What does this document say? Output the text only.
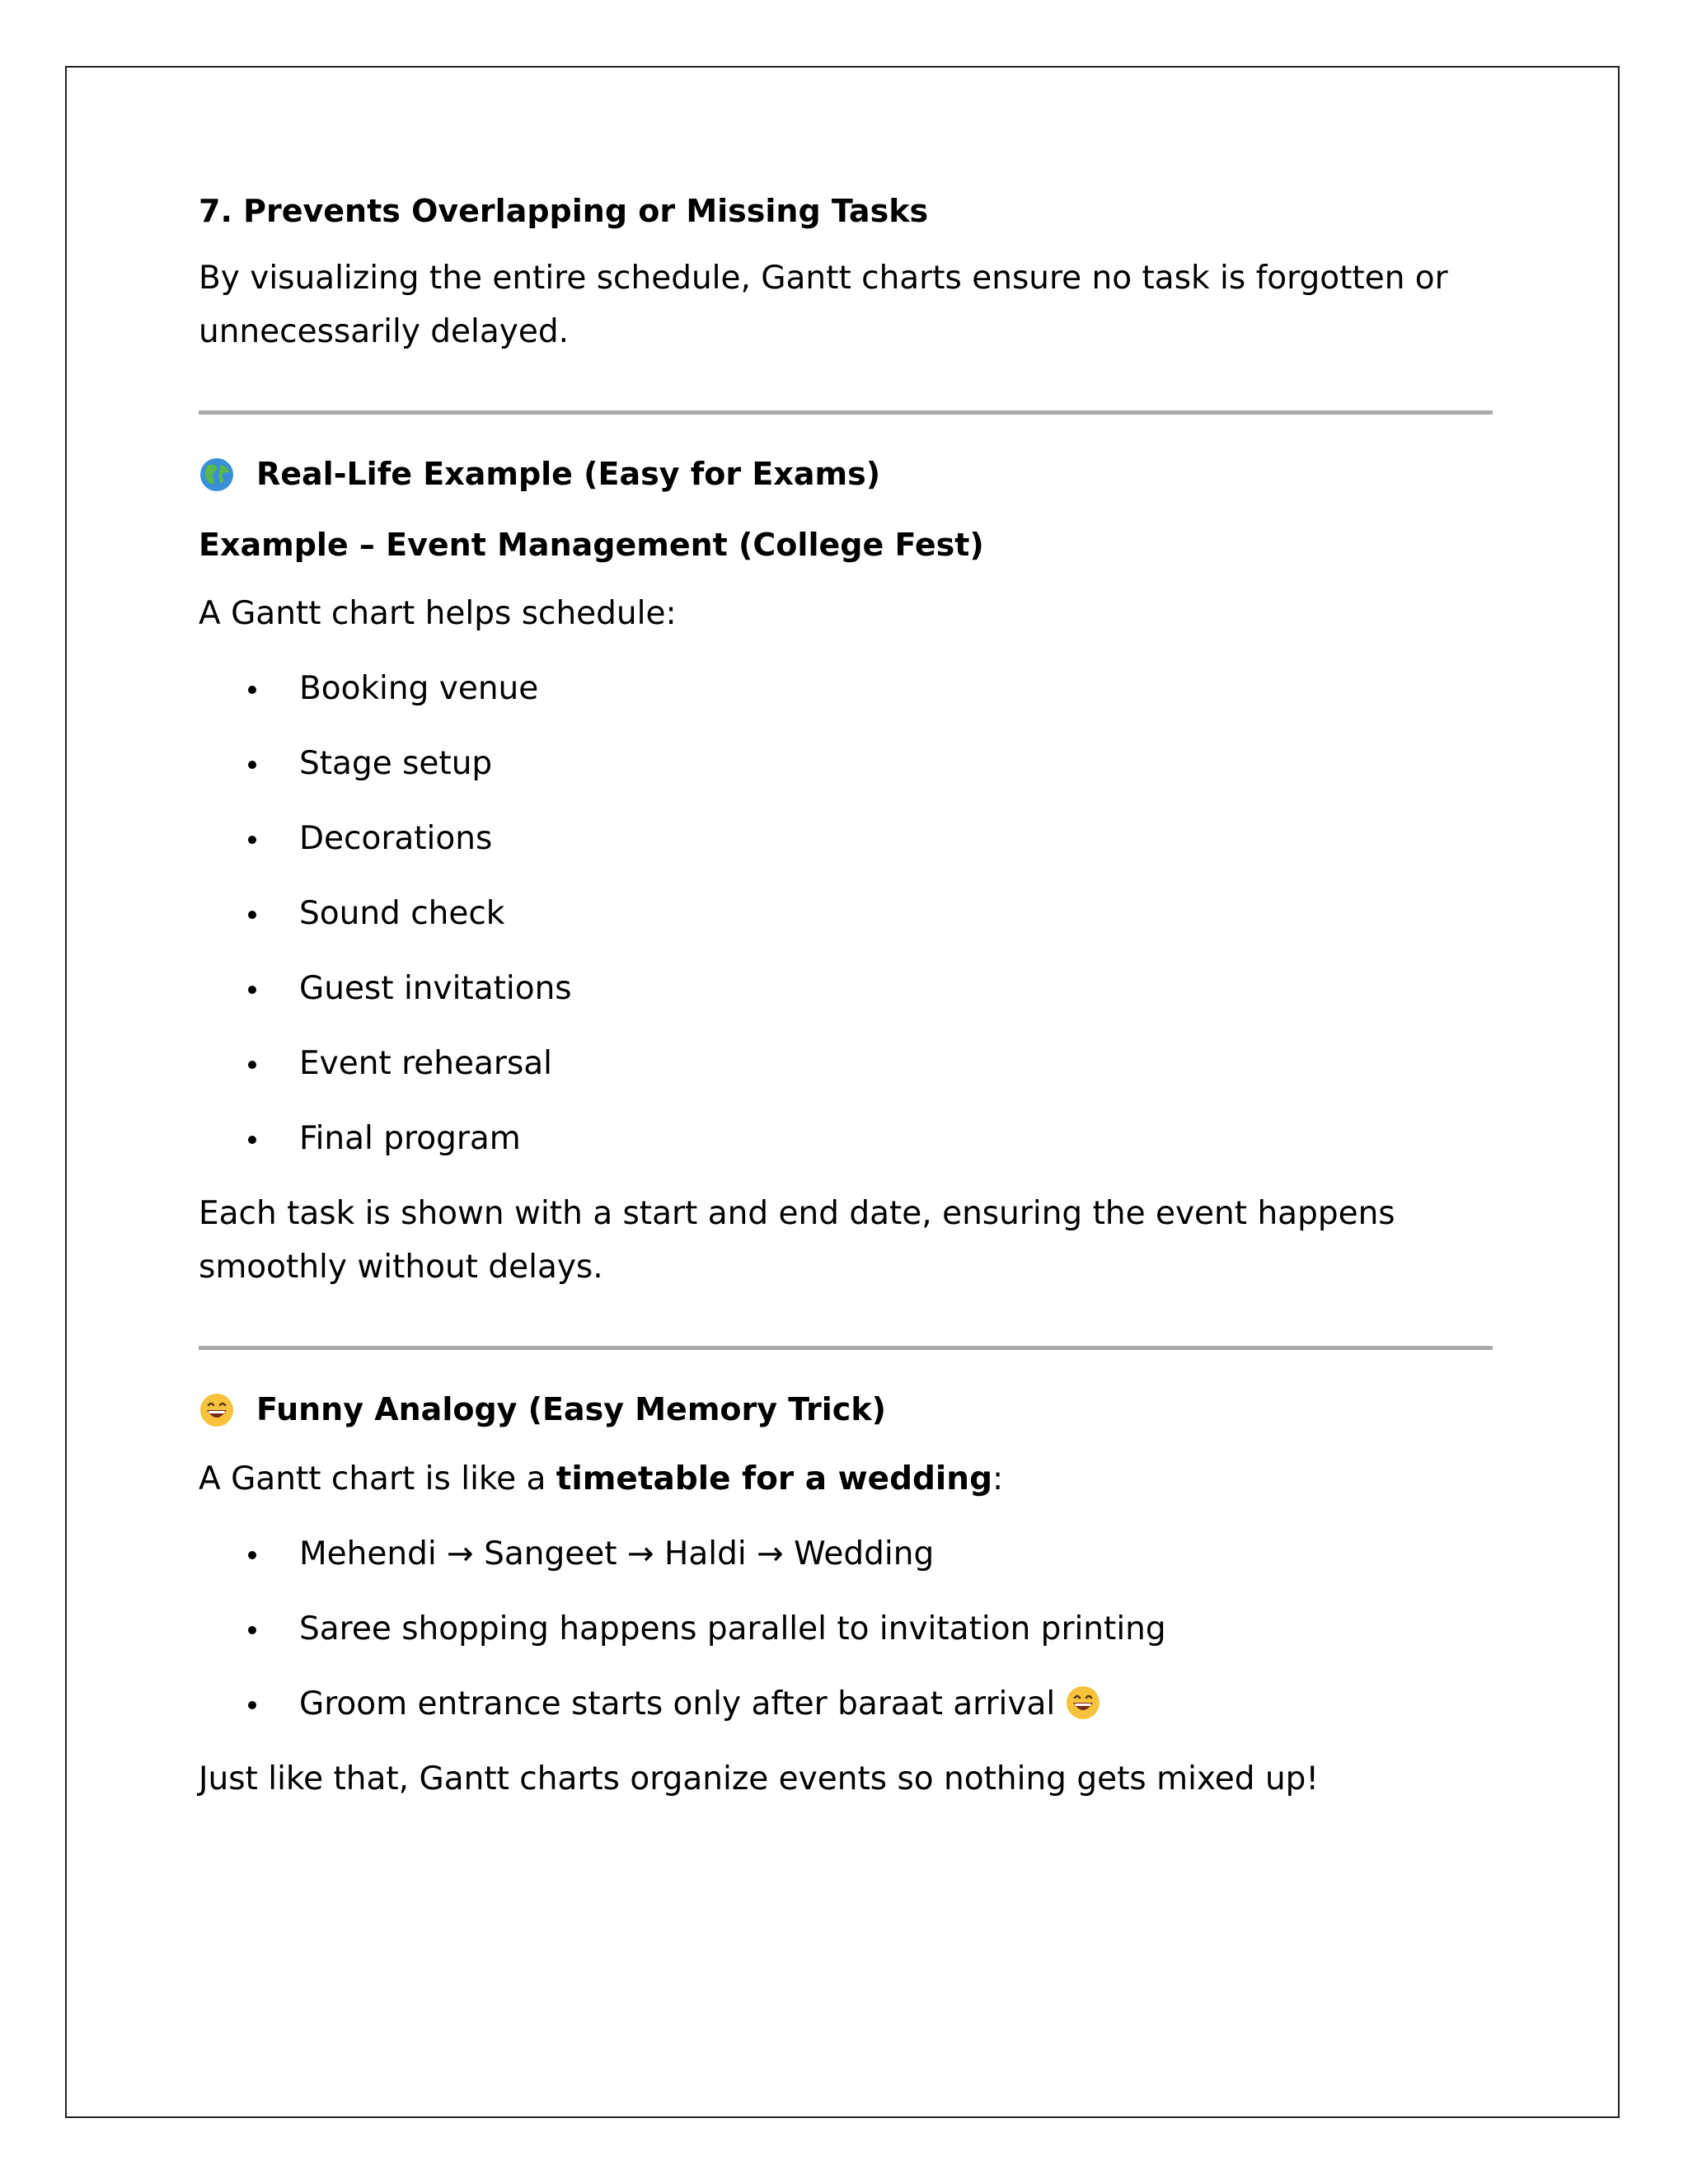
7. Prevents Overlapping or Missing Tasks

By visualizing the entire schedule, Gantt charts ensure no task is forgotten or unnecessarily delayed.

Real-Life Example (Easy for Exams)
Example – Event Management (College Fest)

A Gantt chart helps schedule:

Booking venue
Stage setup
Decorations
Sound check
Guest invitations
Event rehearsal
Final program

Each task is shown with a start and end date, ensuring the event happens smoothly without delays.

Funny Analogy (Easy Memory Trick)

A Gantt chart is like a timetable for a wedding:

Mehendi → Sangeet → Haldi → Wedding
Saree shopping happens parallel to invitation printing
Groom entrance starts only after baraat arrival

Just like that, Gantt charts organize events so nothing gets mixed up!
